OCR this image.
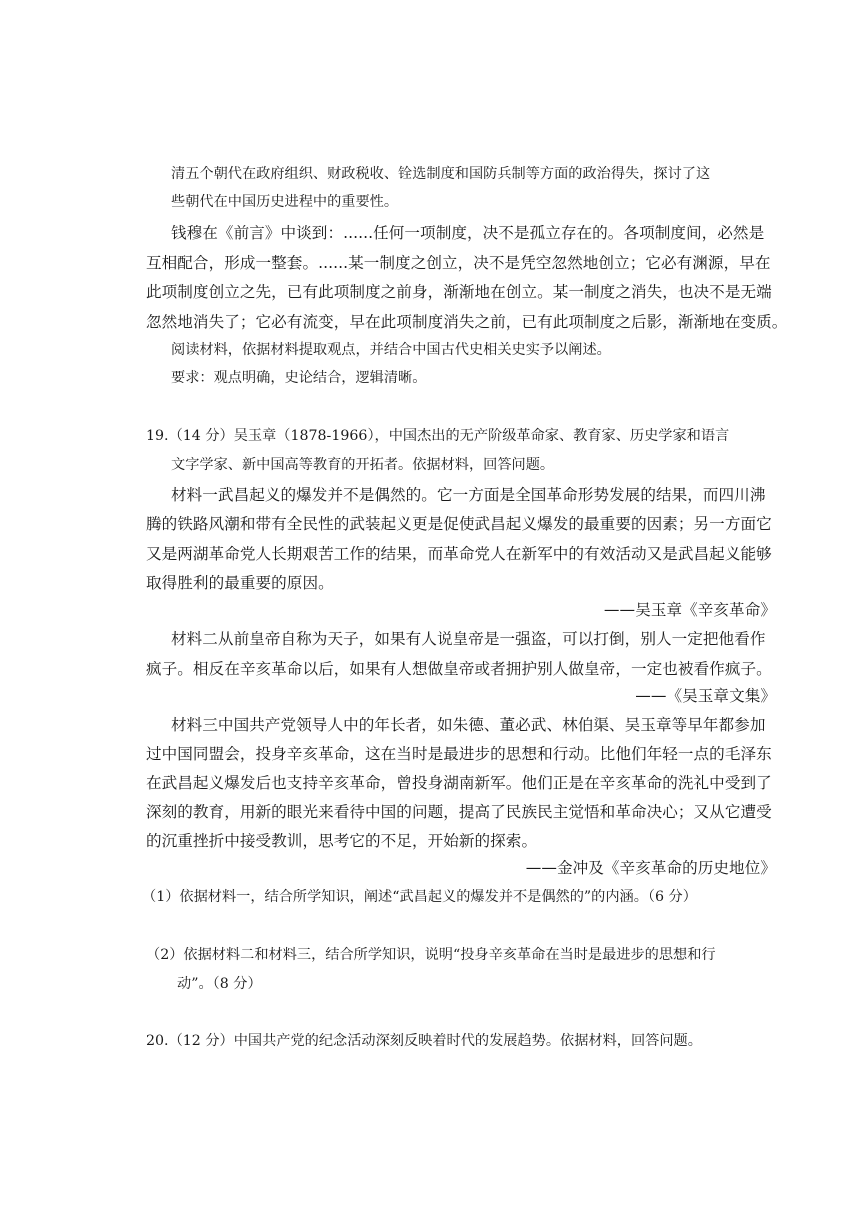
清五个朝代在政府组织、财政税收、铨选制度和国防兵制等方面的政治得失，探讨了这
些朝代在中国历史进程中的重要性。
钱穆在《前言》中谈到：......任何一项制度，决不是孤立存在的。各项制度间，必然是
互相配合，形成一整套。......某一制度之创立，决不是凭空忽然地创立；它必有渊源，早在
此项制度创立之先，已有此项制度之前身，渐渐地在创立。某一制度之消失，也决不是无端
忽然地消失了；它必有流变，早在此项制度消失之前，已有此项制度之后影，渐渐地在变质。
阅读材料，依据材料提取观点，并结合中国古代史相关史实予以阐述。
要求：观点明确，史论结合，逻辑清晰。
19.（14 分）吴玉章（1878-1966），中国杰出的无产阶级革命家、教育家、历史学家和语言
文字学家、新中国高等教育的开拓者。依据材料，回答问题。
材料一武昌起义的爆发并不是偶然的。它一方面是全国革命形势发展的结果，而四川沸
腾的铁路风潮和带有全民性的武装起义更是促使武昌起义爆发的最重要的因素；另一方面它
又是两湖革命党人长期艰苦工作的结果，而革命党人在新军中的有效活动又是武昌起义能够
取得胜利的最重要的原因。
——吴玉章《辛亥革命》
材料二从前皇帝自称为天子，如果有人说皇帝是一强盗，可以打倒，别人一定把他看作
疯子。相反在辛亥革命以后，如果有人想做皇帝或者拥护别人做皇帝，一定也被看作疯子。
——《吴玉章文集》
材料三中国共产党领导人中的年长者，如朱德、董必武、林伯渠、吴玉章等早年都参加
过中国同盟会，投身辛亥革命，这在当时是最进步的思想和行动。比他们年轻一点的毛泽东
在武昌起义爆发后也支持辛亥革命，曾投身湖南新军。他们正是在辛亥革命的洗礼中受到了
深刻的教育，用新的眼光来看待中国的问题，提高了民族民主觉悟和革命决心；又从它遭受
的沉重挫折中接受教训，思考它的不足，开始新的探索。
——金冲及《辛亥革命的历史地位》
（1）依据材料一，结合所学知识，阐述“武昌起义的爆发并不是偶然的”的内涵。（6 分）
（2）依据材料二和材料三，结合所学知识，说明“投身辛亥革命在当时是最进步的思想和行
动”。（8 分）
20.（12 分）中国共产党的纪念活动深刻反映着时代的发展趋势。依据材料，回答问题。
